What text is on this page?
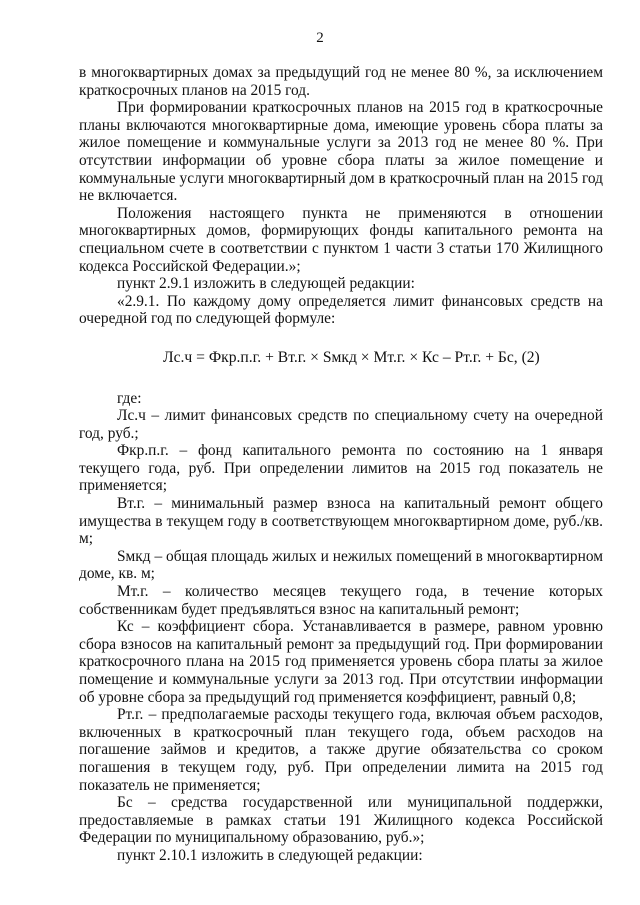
2

в многоквартирных домах за предыдущий год не менее 80 %, за исключением краткосрочных планов на 2015 год.

При формировании краткосрочных планов на 2015 год в краткосрочные планы включаются многоквартирные дома, имеющие уровень сбора платы за жилое помещение и коммунальные услуги за 2013 год не менее 80 %. При отсутствии информации об уровне сбора платы за жилое помещение и коммунальные услуги многоквартирный дом в краткосрочный план на 2015 год не включается.

Положения настоящего пункта не применяются в отношении многоквартирных домов, формирующих фонды капитального ремонта на специальном счете в соответствии с пунктом 1 части 3 статьи 170 Жилищного кодекса Российской Федерации.»;

пункт 2.9.1 изложить в следующей редакции:

«2.9.1. По каждому дому определяется лимит финансовых средств на очередной год по следующей формуле:

Лс.ч = Фкр.п.г. + Вт.г. × Sмкд × Мт.г. × Кс – Рт.г. + Бс, (2)

где:

Лс.ч – лимит финансовых средств по специальному счету на очередной год, руб.;

Фкр.п.г. – фонд капитального ремонта по состоянию на 1 января текущего года, руб. При определении лимитов на 2015 год показатель не применяется;

Вт.г. – минимальный размер взноса на капитальный ремонт общего имущества в текущем году в соответствующем многоквартирном доме, руб./кв. м;

Sмкд – общая площадь жилых и нежилых помещений в многоквартирном доме, кв. м;

Мт.г. – количество месяцев текущего года, в течение которых собственникам будет предъявляться взнос на капитальный ремонт;

Кс – коэффициент сбора. Устанавливается в размере, равном уровню сбора взносов на капитальный ремонт за предыдущий год. При формировании краткосрочного плана на 2015 год применяется уровень сбора платы за жилое помещение и коммунальные услуги за 2013 год. При отсутствии информации об уровне сбора за предыдущий год применяется коэффициент, равный 0,8;

Рт.г. – предполагаемые расходы текущего года, включая объем расходов, включенных в краткосрочный план текущего года, объем расходов на погашение займов и кредитов, а также другие обязательства со сроком погашения в текущем году, руб. При определении лимита на 2015 год показатель не применяется;

Бс – средства государственной или муниципальной поддержки, предоставляемые в рамках статьи 191 Жилищного кодекса Российской Федерации по муниципальному образованию, руб.»;

пункт 2.10.1 изложить в следующей редакции:
